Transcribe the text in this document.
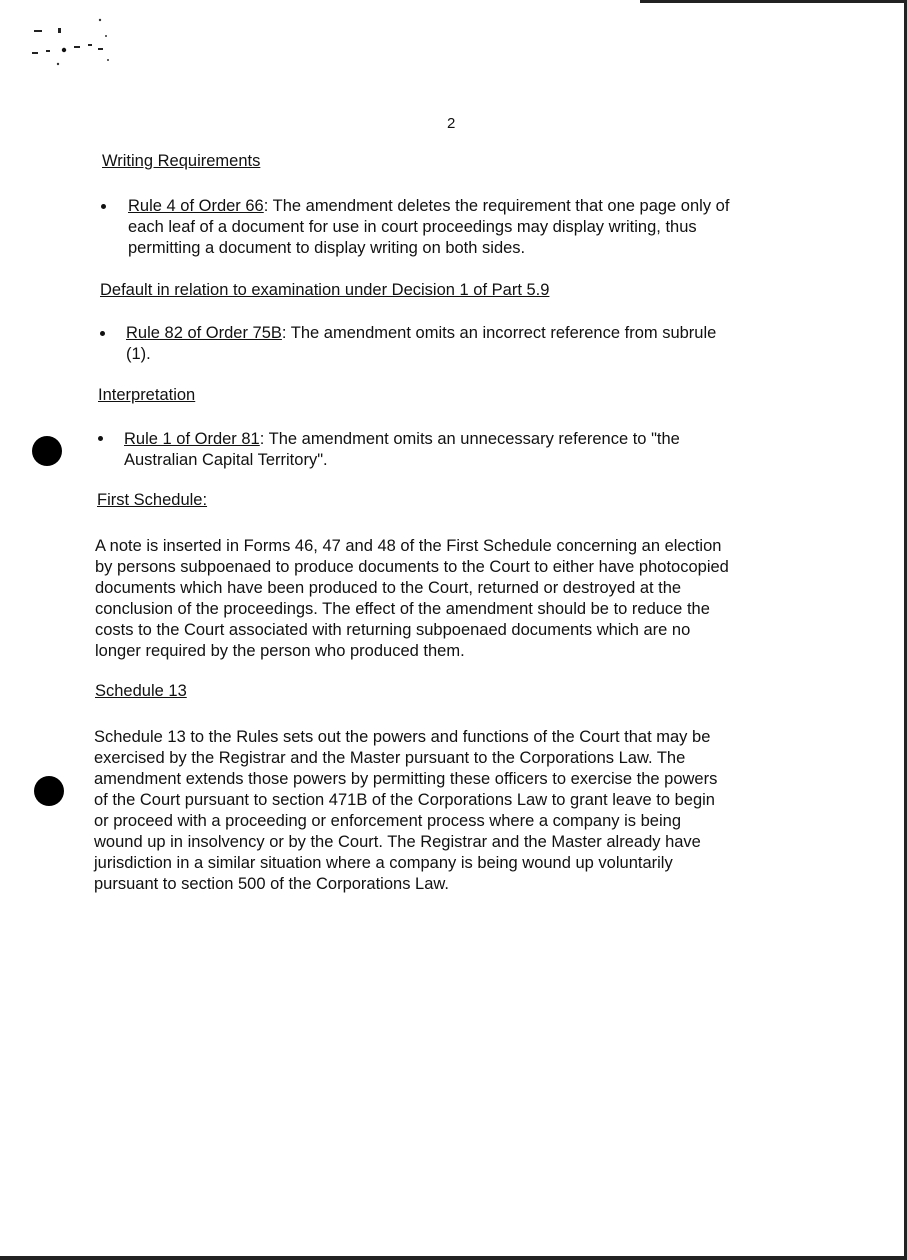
2
Writing Requirements
Rule 4 of Order 66: The amendment deletes the requirement that one page only of
each leaf of a document for use in court proceedings may display writing, thus
permitting a document to display writing on both sides.
Default in relation to examination under Decision 1 of Part 5.9
Rule 82 of Order 75B: The amendment omits an incorrect reference from subrule
(1).
Interpretation
Rule 1 of Order 81: The amendment omits an unnecessary reference to "the
Australian Capital Territory".
First Schedule:
A note is inserted in Forms 46, 47 and 48 of the First Schedule concerning an election
by persons subpoenaed to produce documents to the Court to either have photocopied
documents which have been produced to the Court, returned or destroyed at the
conclusion of the proceedings. The effect of the amendment should be to reduce the
costs to the Court associated with returning subpoenaed documents which are no
longer required by the person who produced them.
Schedule 13
Schedule 13 to the Rules sets out the powers and functions of the Court that may be
exercised by the Registrar and the Master pursuant to the Corporations Law. The
amendment extends those powers by permitting these officers to exercise the powers
of the Court pursuant to section 471B of the Corporations Law to grant leave to begin
or proceed with a proceeding or enforcement process where a company is being
wound up in insolvency or by the Court. The Registrar and the Master already have
jurisdiction in a similar situation where a company is being wound up voluntarily
pursuant to section 500 of the Corporations Law.
